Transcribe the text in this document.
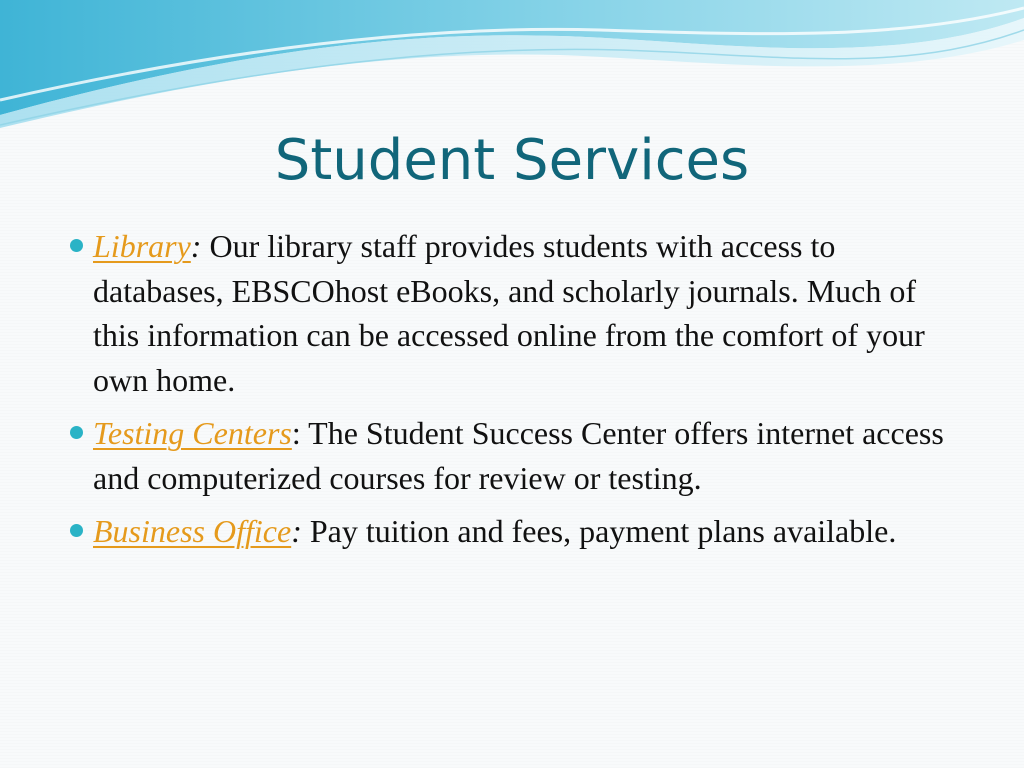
Student Services
Library: Our library staff provides students with access to databases, EBSCOhost eBooks, and scholarly journals. Much of this information can be accessed online from the comfort of your own home.
Testing Centers: The Student Success Center offers internet access and computerized courses for review or testing.
Business Office: Pay tuition and fees, payment plans available.
